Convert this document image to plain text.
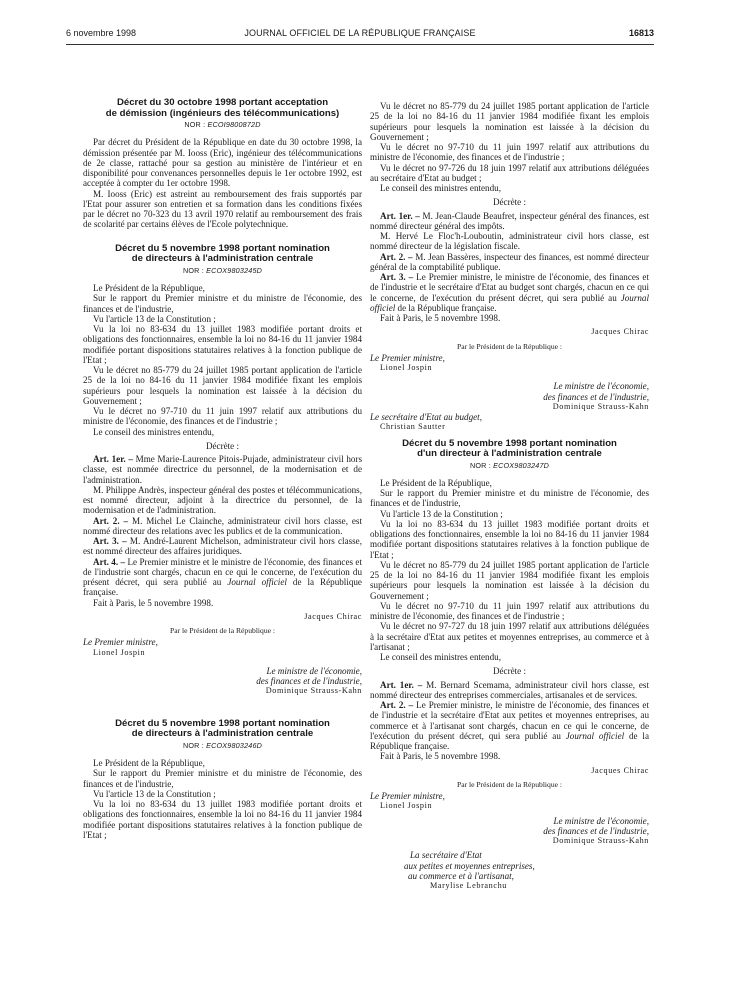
6 novembre 1998	JOURNAL OFFICIEL DE LA RÉPUBLIQUE FRANÇAISE	16813
Décret du 30 octobre 1998 portant acceptation
de démission (ingénieurs des télécommunications)
NOR : ECOI9800872D

Par décret du Président de la République en date du 30 octobre 1998, la démission présentée par M. Iooss (Eric), ingénieur des télécommunications de 2e classe, rattaché pour sa gestion au ministère de l'intérieur et en disponibilité pour convenances personnelles depuis le 1er octobre 1992, est acceptée à compter du 1er octobre 1998.

M. Iooss (Eric) est astreint au remboursement des frais supportés par l'Etat pour assurer son entretien et sa formation dans les conditions fixées par le décret no 70-323 du 13 avril 1970 relatif au remboursement des frais de scolarité par certains élèves de l'Ecole polytechnique.

Décret du 5 novembre 1998 portant nomination
de directeurs à l'administration centrale
NOR : ECOX9803245D

Le Président de la République,

Sur le rapport du Premier ministre et du ministre de l'économie, des finances et de l'industrie,

Vu l'article 13 de la Constitution ;

Vu la loi no 83-634 du 13 juillet 1983 modifiée portant droits et obligations des fonctionnaires, ensemble la loi no 84-16 du 11 janvier 1984 modifiée portant dispositions statutaires relatives à la fonction publique de l'Etat ;

Vu le décret no 85-779 du 24 juillet 1985 portant application de l'article 25 de la loi no 84-16 du 11 janvier 1984 modifiée fixant les emplois supérieurs pour lesquels la nomination est laissée à la décision du Gouvernement ;

Vu le décret no 97-710 du 11 juin 1997 relatif aux attributions du ministre de l'économie, des finances et de l'industrie ;

Le conseil des ministres entendu,

Décrète :

Art. 1er. – Mme Marie-Laurence Pitois-Pujade, administrateur civil hors classe, est nommée directrice du personnel, de la modernisation et de l'administration.

M. Philippe Andrès, inspecteur général des postes et télécommunications, est nommé directeur, adjoint à la directrice du personnel, de la modernisation et de l'administration.

Art. 2. – M. Michel Le Clainche, administrateur civil hors classe, est nommé directeur des relations avec les publics et de la communication.

Art. 3. – M. André-Laurent Michelson, administrateur civil hors classe, est nommé directeur des affaires juridiques.

Art. 4. – Le Premier ministre et le ministre de l'économie, des finances et de l'industrie sont chargés, chacun en ce qui le concerne, de l'exécution du présent décret, qui sera publié au Journal officiel de la République française.

Fait à Paris, le 5 novembre 1998.

Jacques Chirac
Par le Président de la République :
Le Premier ministre,
Lionel Jospin
Le ministre de l'économie,
des finances et de l'industrie,
Dominique Strauss-Kahn
Décret du 5 novembre 1998 portant nomination
de directeurs à l'administration centrale
NOR : ECOX9803246D

Le Président de la République,

Sur le rapport du Premier ministre et du ministre de l'économie, des finances et de l'industrie,

Vu l'article 13 de la Constitution ;

Vu la loi no 83-634 du 13 juillet 1983 modifiée portant droits et obligations des fonctionnaires, ensemble la loi no 84-16 du 11 janvier 1984 modifiée portant dispositions statutaires relatives à la fonction publique de l'Etat ;

Vu le décret no 85-779 du 24 juillet 1985 portant application de l'article 25 de la loi no 84-16 du 11 janvier 1984 modifiée fixant les emplois supérieurs pour lesquels la nomination est laissée à la décision du Gouvernement ;

Vu le décret no 97-710 du 11 juin 1997 relatif aux attributions du ministre de l'économie, des finances et de l'industrie ;

Vu le décret no 97-726 du 18 juin 1997 relatif aux attributions déléguées au secrétaire d'Etat au budget ;

Le conseil des ministres entendu,

Décrète :

Art. 1er. – M. Jean-Claude Beaufret, inspecteur général des finances, est nommé directeur général des impôts.

M. Hervé Le Floc'h-Louboutin, administrateur civil hors classe, est nommé directeur de la législation fiscale.

Art. 2. – M. Jean Bassères, inspecteur des finances, est nommé directeur général de la comptabilité publique.

Art. 3. – Le Premier ministre, le ministre de l'économie, des finances et de l'industrie et le secrétaire d'Etat au budget sont chargés, chacun en ce qui le concerne, de l'exécution du présent décret, qui sera publié au Journal officiel de la République française.

Fait à Paris, le 5 novembre 1998.

Jacques Chirac
Par le Président de la République :
Le Premier ministre,
Lionel Jospin
Le ministre de l'économie,
des finances et de l'industrie,
Dominique Strauss-Kahn
Le secrétaire d'Etat au budget,
Christian Sautter
Décret du 5 novembre 1998 portant nomination
d'un directeur à l'administration centrale
NOR : ECOX9803247D

Le Président de la République,

Sur le rapport du Premier ministre et du ministre de l'économie, des finances et de l'industrie,

Vu l'article 13 de la Constitution ;

Vu la loi no 83-634 du 13 juillet 1983 modifiée portant droits et obligations des fonctionnaires, ensemble la loi no 84-16 du 11 janvier 1984 modifiée portant dispositions statutaires relatives à la fonction publique de l'Etat ;

Vu le décret no 85-779 du 24 juillet 1985 portant application de l'article 25 de la loi no 84-16 du 11 janvier 1984 modifiée fixant les emplois supérieurs pour lesquels la nomination est laissée à la décision du Gouvernement ;

Vu le décret no 97-710 du 11 juin 1997 relatif aux attributions du ministre de l'économie, des finances et de l'industrie ;

Vu le décret no 97-727 du 18 juin 1997 relatif aux attributions déléguées à la secrétaire d'Etat aux petites et moyennes entreprises, au commerce et à l'artisanat ;

Le conseil des ministres entendu,

Décrète :

Art. 1er. – M. Bernard Scemama, administrateur civil hors classe, est nommé directeur des entreprises commerciales, artisanales et de services.

Art. 2. – Le Premier ministre, le ministre de l'économie, des finances et de l'industrie et la secrétaire d'Etat aux petites et moyennes entreprises, au commerce et à l'artisanat sont chargés, chacun en ce qui le concerne, de l'exécution du présent décret, qui sera publié au Journal officiel de la République française.

Fait à Paris, le 5 novembre 1998.

Jacques Chirac
Par le Président de la République :
Le Premier ministre,
Lionel Jospin
Le ministre de l'économie,
des finances et de l'industrie,
Dominique Strauss-Kahn
La secrétaire d'Etat
aux petites et moyennes entreprises,
au commerce et à l'artisanat,
Marylise Lebranchu
